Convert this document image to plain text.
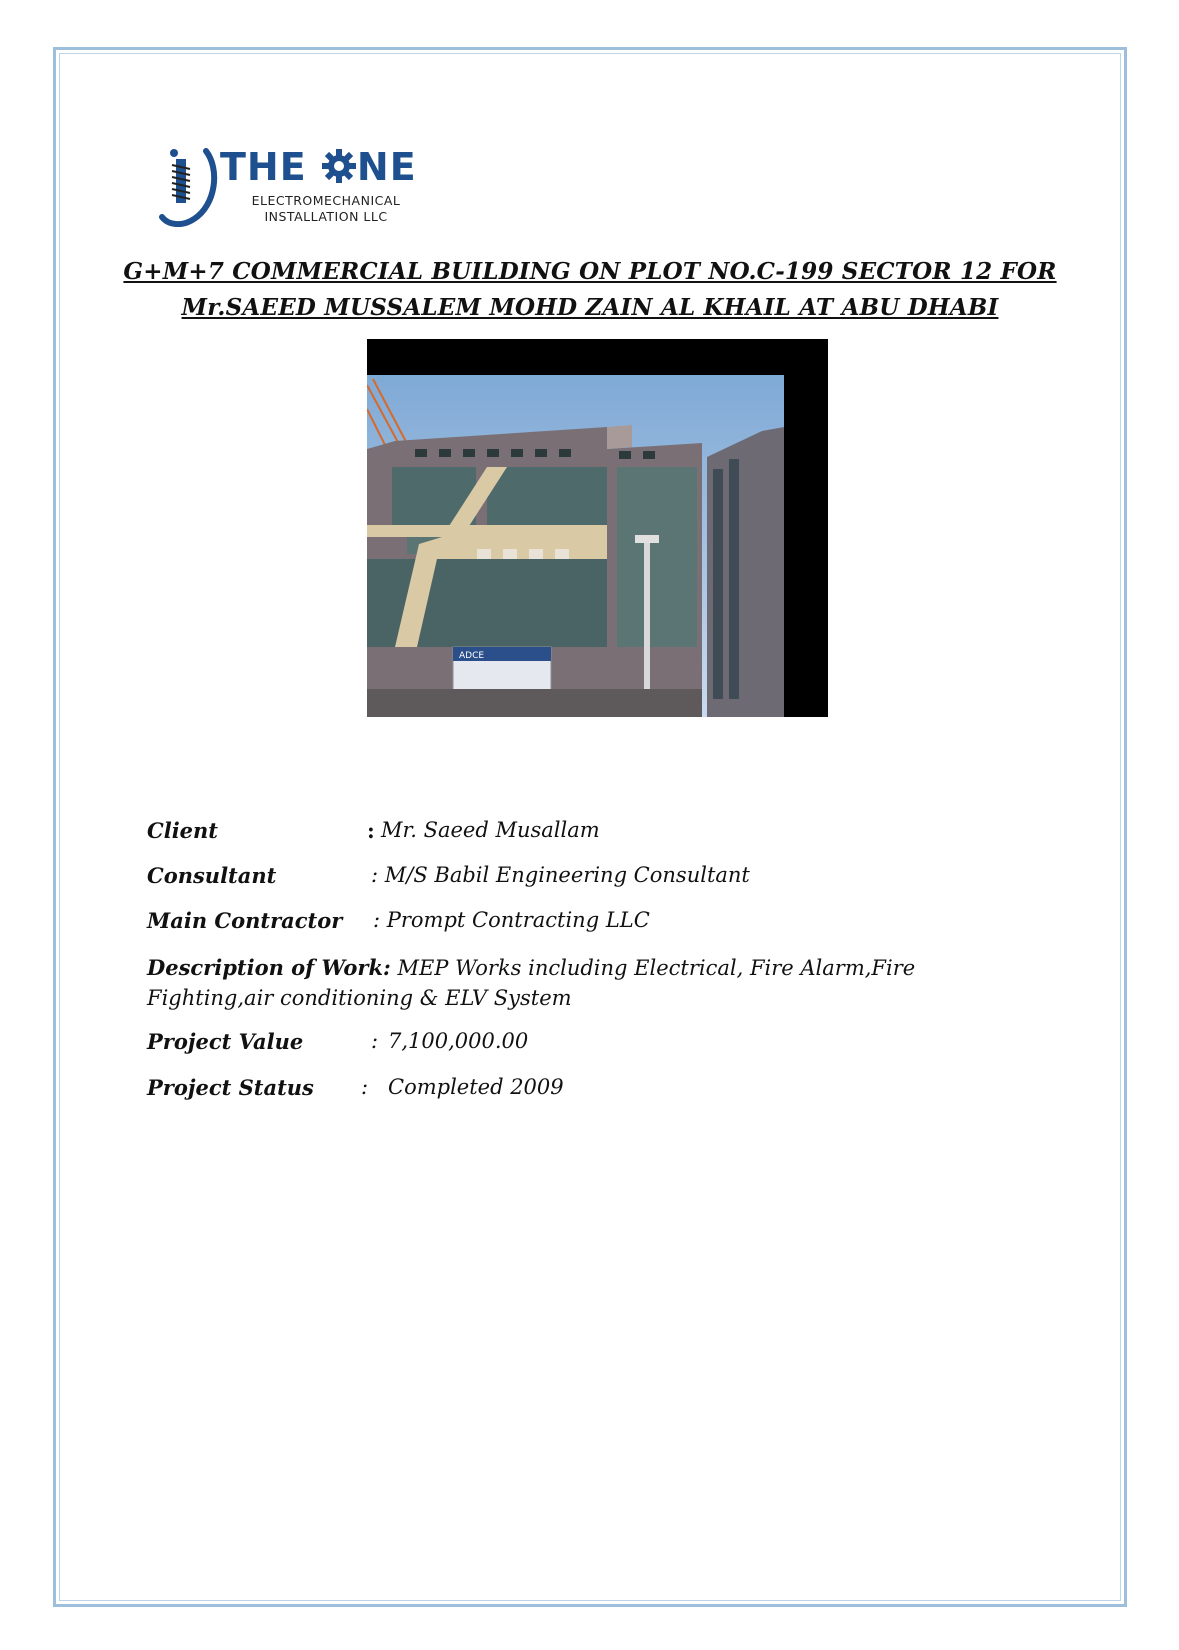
THE NE
ELECTROMECHANICAL
INSTALLATION LLC
G+M+7 COMMERCIAL BUILDING ON PLOT NO.C-199 SECTOR 12 FOR
Mr.SAEED MUSSALEM MOHD ZAIN AL KHAIL AT ABU DHABI
ADCE
Client	: Mr. Saeed Musallam
Consultant	: M/S Babil Engineering Consultant
Main Contractor : Prompt Contracting LLC
Description of Work: MEP Works including Electrical, Fire Alarm,Fire Fighting,air conditioning & ELV System
Project Value	: 7,100,000.00
Project Status : Completed 2009
